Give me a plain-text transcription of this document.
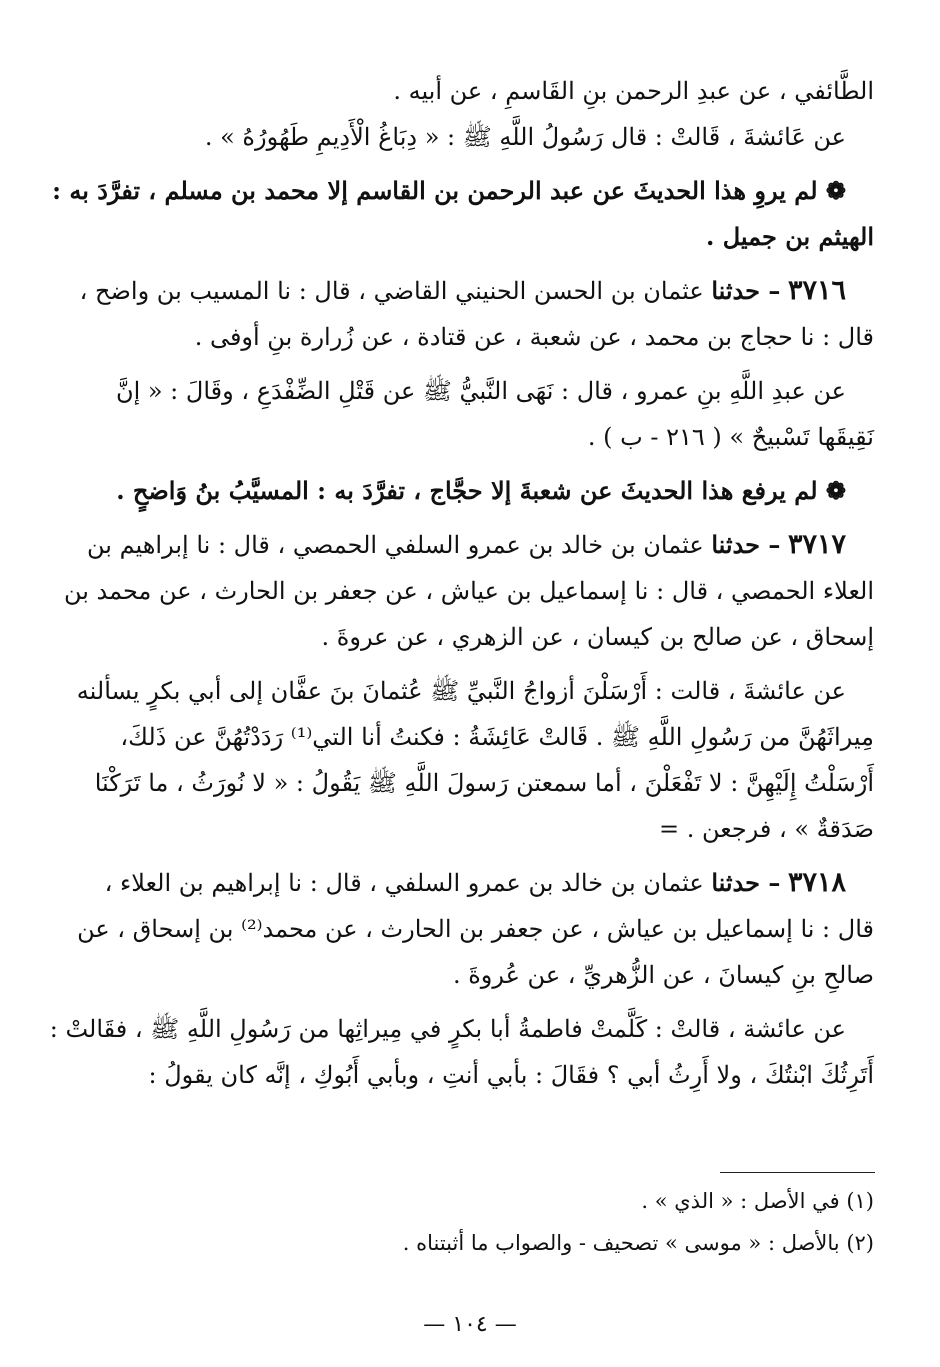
الطَّائفي ، عن عبدِ الرحمن بنِ القَاسمِ ، عن أبيه .

عن عَائشةَ ، قَالتْ : قال رَسُولُ اللَّهِ ﷺ : « دِبَاغُ الْأَدِيمِ طَهُورُهُ » .

❁ لم يروِ هذا الحديثَ عن عبد الرحمن بن القاسم إلا محمد بن مسلم ، تفرَّدَ به :

الهيثم بن جميل .

٣٧١٦ – حدثنا عثمان بن الحسن الحنيني القاضي ، قال : نا المسيب بن واضح ،

قال : نا حجاج بن محمد ، عن شعبة ، عن قتادة ، عن زُرارة بنِ أوفى .

عن عبدِ اللَّهِ بنِ عمرو ، قال : نَهَى النَّبيُّ ﷺ عن قَتْلِ الضِّفْدَعِ ، وقَالَ : « إنَّ

نَقِيقَها تَسْبيحٌ » ( ٢١٦ - ب ) .

❁ لم يرفع هذا الحديثَ عن شعبةَ إلا حجَّاج ، تفرَّدَ به : المسيَّبُ بنُ وَاضحٍ .

٣٧١٧ – حدثنا عثمان بن خالد بن عمرو السلفي الحمصي ، قال : نا إبراهيم بن

العلاء الحمصي ، قال : نا إسماعيل بن عياش ، عن جعفر بن الحارث ، عن محمد بن

إسحاق ، عن صالح بن كيسان ، عن الزهري ، عن عروةَ .

عن عائشةَ ، قالت : أَرْسَلْنَ أزواجُ النَّبيِّ ﷺ عُثمانَ بنَ عفَّان إلى أبي بكرٍ يسألنه

مِيراثَهُنَّ من رَسُولِ اللَّهِ ﷺ . قَالتْ عَائِشَةُ : فكنتُ أنا التي⁽¹⁾ رَدَدْتُهُنَّ عن ذَلكَ،

أَرْسَلْتُ إِلَيْهِنَّ : لا تَفْعَلْنَ ، أما سمعتن رَسولَ اللَّهِ ﷺ يَقُولُ : « لا نُورَثُ ، ما تَرَكْنَا

صَدَقةٌ » ، فرجعن . =

٣٧١٨ – حدثنا عثمان بن خالد بن عمرو السلفي ، قال : نا إبراهيم بن العلاء ،

قال : نا إسماعيل بن عياش ، عن جعفر بن الحارث ، عن محمد⁽²⁾ بن إسحاق ، عن

صالحِ بنِ كيسانَ ، عن الزُّهريِّ ، عن عُروةَ .

عن عائشة ، قالتْ : كَلَّمتْ فاطمةُ أبا بكرٍ في مِيراثِها من رَسُولِ اللَّهِ ﷺ ، فقَالتْ :

أَتَرِثُكَ ابْنتُكَ ، ولا أَرِثُ أبي ؟ فقَالَ : بأبي أنتِ ، وبأبي أَبُوكِ ، إنَّه كان يقولُ :

(١) في الأصل : « الذي » .

(٢) بالأصل : « موسى » تصحيف - والصواب ما أثبتناه .

— ١٠٤ —
